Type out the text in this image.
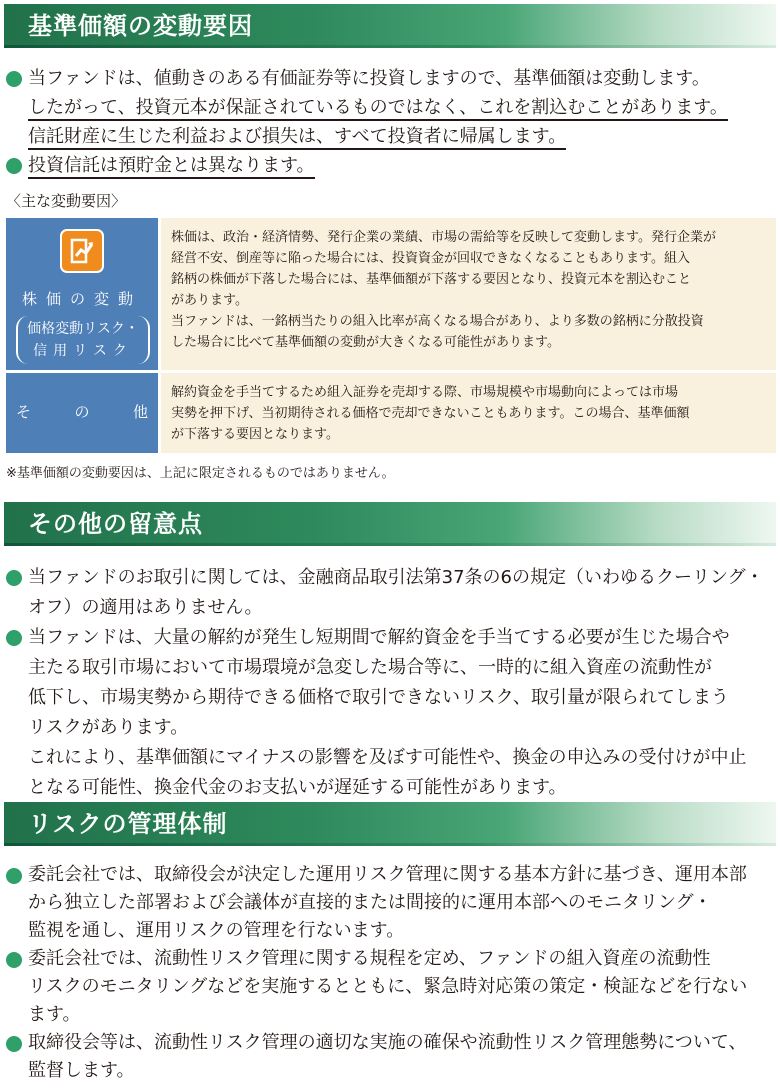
基準価額の変動要因
当ファンドは、値動きのある有価証券等に投資しますので、基準価額は変動します。
したがって、投資元本が保証されているものではなく、これを割込むことがあります。
信託財産に生じた利益および損失は、すべて投資者に帰属します。
投資信託は預貯金とは異なります。
〈主な変動要因〉
株価の変動
価格変動リスク・
信用リスク
株価は、政治・経済情勢、発行企業の業績、市場の需給等を反映して変動します。発行企業が
経営不安、倒産等に陥った場合には、投資資金が回収できなくなることもあります。組入
銘柄の株価が下落した場合には、基準価額が下落する要因となり、投資元本を割込むこと
があります。
当ファンドは、一銘柄当たりの組入比率が高くなる場合があり、より多数の銘柄に分散投資
した場合に比べて基準価額の変動が大きくなる可能性があります。
そ	の	他
解約資金を手当てするため組入証券を売却する際、市場規模や市場動向によっては市場
実勢を押下げ、当初期待される価格で売却できないこともあります。この場合、基準価額
が下落する要因となります。
※基準価額の変動要因は、上記に限定されるものではありません。
その他の留意点
当ファンドのお取引に関しては、金融商品取引法第37条の6の規定（いわゆるクーリング・
オフ）の適用はありません。
当ファンドは、大量の解約が発生し短期間で解約資金を手当てする必要が生じた場合や
主たる取引市場において市場環境が急変した場合等に、一時的に組入資産の流動性が
低下し、市場実勢から期待できる価格で取引できないリスク、取引量が限られてしまう
リスクがあります。
これにより、基準価額にマイナスの影響を及ぼす可能性や、換金の申込みの受付けが中止
となる可能性、換金代金のお支払いが遅延する可能性があります。
リスクの管理体制
委託会社では、取締役会が決定した運用リスク管理に関する基本方針に基づき、運用本部
から独立した部署および会議体が直接的または間接的に運用本部へのモニタリング・
監視を通し、運用リスクの管理を行ないます。
委託会社では、流動性リスク管理に関する規程を定め、ファンドの組入資産の流動性
リスクのモニタリングなどを実施するとともに、緊急時対応策の策定・検証などを行ない
ます。
取締役会等は、流動性リスク管理の適切な実施の確保や流動性リスク管理態勢について、
監督します。
